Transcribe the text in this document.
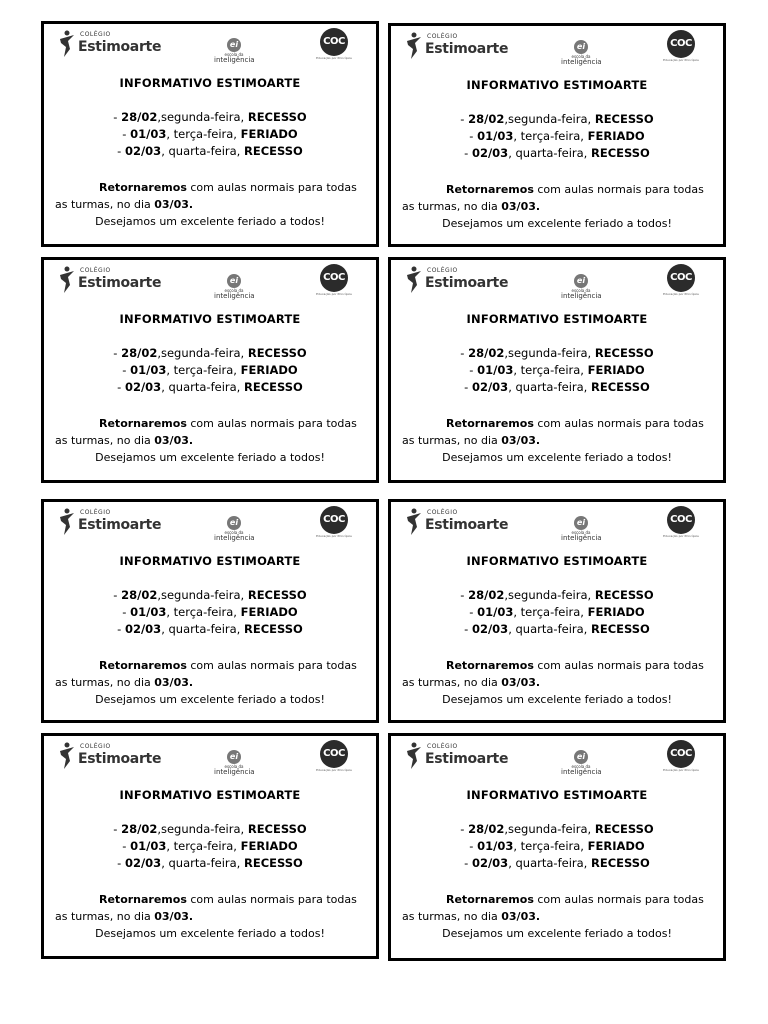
COLÉGIO
Estimoarte	ei
escola da
inteligência
COC
Educação por Princípios
INFORMATIVO ESTIMOARTE
- 28/02,segunda-feira, RECESSO
- 01/03, terça-feira, FERIADO
- 02/03, quarta-feira, RECESSO
Retornaremos com aulas normais para todas as turmas, no dia 03/03.
Desejamos um excelente feriado a todos!
COLÉGIO
Estimoarte	ei
escola da
inteligência
COC
Educação por Princípios
INFORMATIVO ESTIMOARTE
- 28/02,segunda-feira, RECESSO
- 01/03, terça-feira, FERIADO
- 02/03, quarta-feira, RECESSO
Retornaremos com aulas normais para todas as turmas, no dia 03/03.
Desejamos um excelente feriado a todos!
COLÉGIO
Estimoarte	ei
escola da
inteligência
COC
Educação por Princípios
INFORMATIVO ESTIMOARTE
- 28/02,segunda-feira, RECESSO
- 01/03, terça-feira, FERIADO
- 02/03, quarta-feira, RECESSO
Retornaremos com aulas normais para todas as turmas, no dia 03/03.
Desejamos um excelente feriado a todos!
COLÉGIO
Estimoarte	ei
escola da
inteligência
COC
Educação por Princípios
INFORMATIVO ESTIMOARTE
- 28/02,segunda-feira, RECESSO
- 01/03, terça-feira, FERIADO
- 02/03, quarta-feira, RECESSO
Retornaremos com aulas normais para todas as turmas, no dia 03/03.
Desejamos um excelente feriado a todos!
COLÉGIO
Estimoarte	ei
escola da
inteligência
COC
Educação por Princípios
INFORMATIVO ESTIMOARTE
- 28/02,segunda-feira, RECESSO
- 01/03, terça-feira, FERIADO
- 02/03, quarta-feira, RECESSO
Retornaremos com aulas normais para todas as turmas, no dia 03/03.
Desejamos um excelente feriado a todos!
COLÉGIO
Estimoarte	ei
escola da
inteligência
COC
Educação por Princípios
INFORMATIVO ESTIMOARTE
- 28/02,segunda-feira, RECESSO
- 01/03, terça-feira, FERIADO
- 02/03, quarta-feira, RECESSO
Retornaremos com aulas normais para todas as turmas, no dia 03/03.
Desejamos um excelente feriado a todos!
COLÉGIO
Estimoarte	ei
escola da
inteligência
COC
Educação por Princípios
INFORMATIVO ESTIMOARTE
- 28/02,segunda-feira, RECESSO
- 01/03, terça-feira, FERIADO
- 02/03, quarta-feira, RECESSO
Retornaremos com aulas normais para todas as turmas, no dia 03/03.
Desejamos um excelente feriado a todos!
COLÉGIO
Estimoarte	ei
escola da
inteligência
COC
Educação por Princípios
INFORMATIVO ESTIMOARTE
- 28/02,segunda-feira, RECESSO
- 01/03, terça-feira, FERIADO
- 02/03, quarta-feira, RECESSO
Retornaremos com aulas normais para todas as turmas, no dia 03/03.
Desejamos um excelente feriado a todos!
